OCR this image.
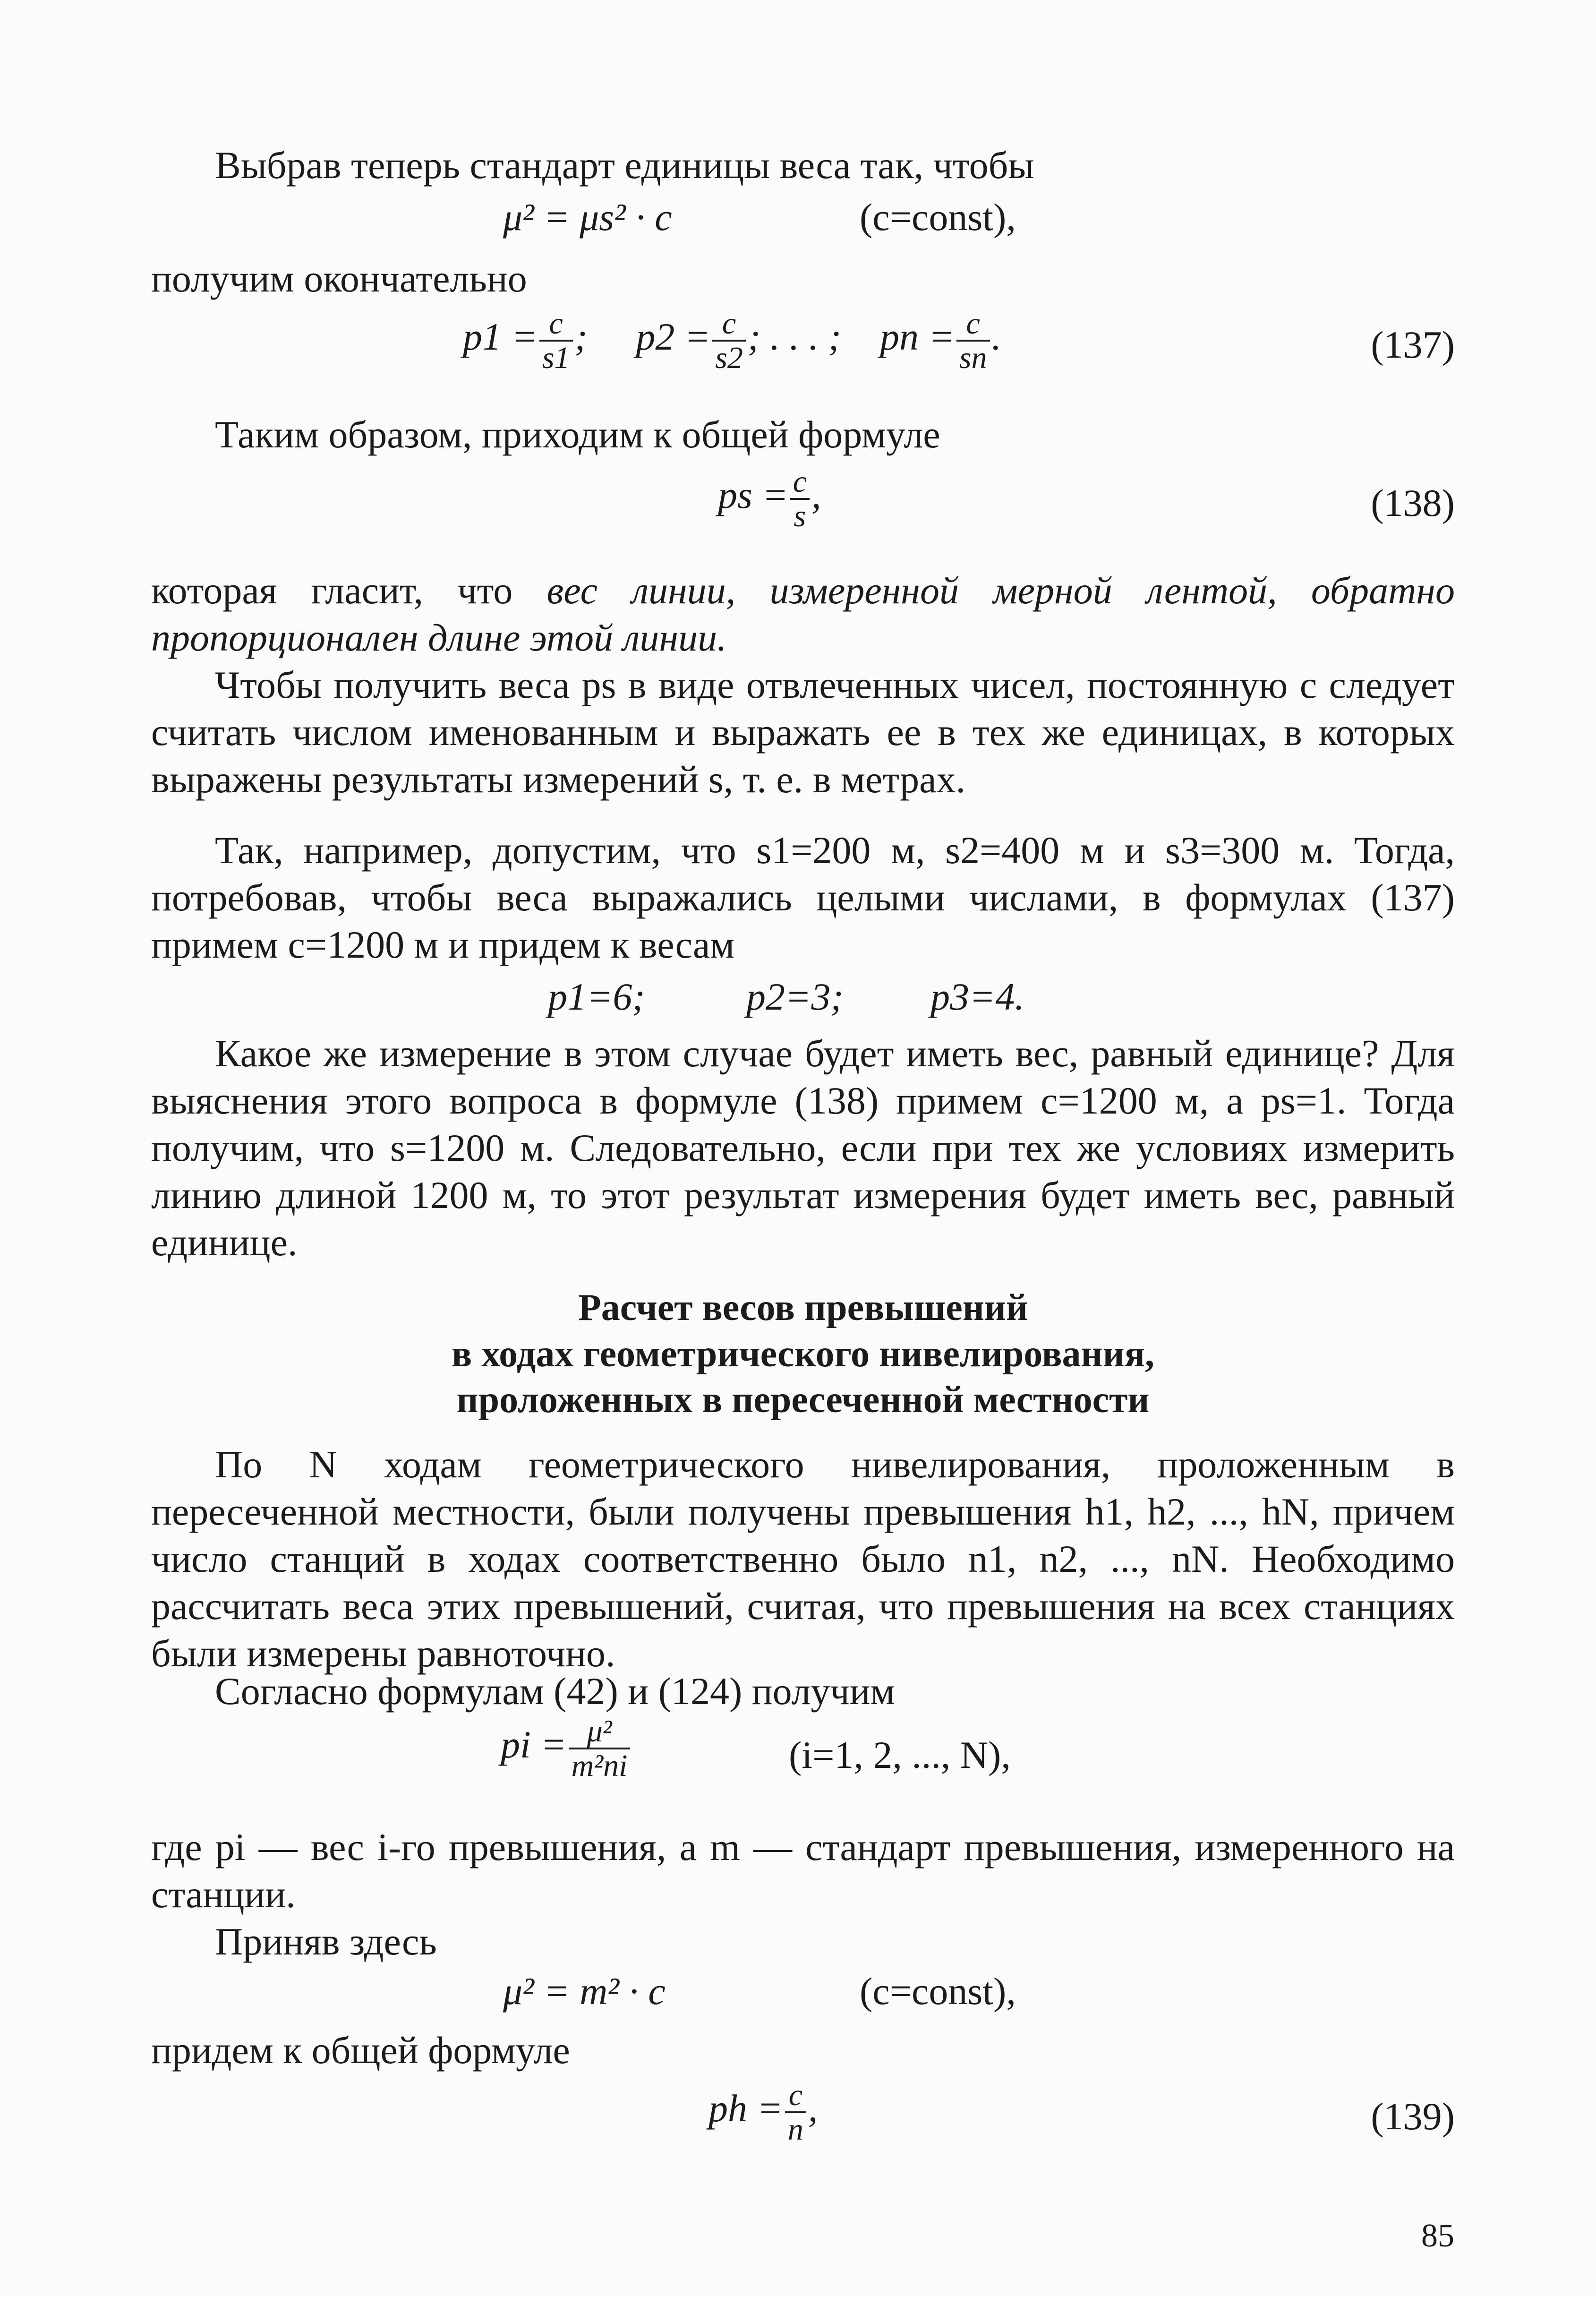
Выбрав теперь стандарт единицы веса так, чтобы
μ² = μs² · c	(c=const),
получим окончательно
$p1 = \frac{c}{s1}$ ;     $p2 = \frac{c}{s2}$ ; . . . ; pn = $\frac{c}{sn}$ .	(137)
Таким образом, приходим к общей формуле
ps = $\frac{c}{s}$ ,	(138)
которая гласит, что вес линии, измеренной мерной лентой, обратно пропорционален длине этой линии.
Чтобы получить веса ps в виде отвлеченных чисел, постоянную c следует считать числом именованным и выражать ее в тех же единицах, в которых выражены результаты измерений s, т. е. в метрах.
Так, например, допустим, что s1=200 м, s2=400 м и s3=300 м. Тогда, потребовав, чтобы веса выражались целыми числами, в формулах (137) примем c=1200 м и придем к весам
p1=6;	p2=3; p3=4.
Какое же измерение в этом случае будет иметь вес, равный единице? Для выяснения этого вопроса в формуле (138) примем c=1200 м, а ps=1. Тогда получим, что s=1200 м. Следовательно, если при тех же условиях измерить линию длиной 1200 м, то этот результат измерения будет иметь вес, равный единице.
Расчет весов превышений
в ходах геометрического нивелирования,
проложенных в пересеченной местности
По N ходам геометрического нивелирования, проложенным в пересеченной местности, были получены превышения h1, h2, ..., hN, причем число станций в ходах соответственно было n1, n2, ..., nN. Необходимо рассчитать веса этих превышений, считая, что превышения на всех станциях были измерены равноточно.
Согласно формулам (42) и (124) получим
pi = $\frac{\text{μ²}}{\text{m²ni}}$	(i=1, 2, ..., N),
где pi — вес i-го превышения, а m — стандарт превышения, измеренного на станции.
Приняв здесь
μ² = m² · c	(c=const),
придем к общей формуле
ph = $\frac{c}{n}$ ,	(139)
85
